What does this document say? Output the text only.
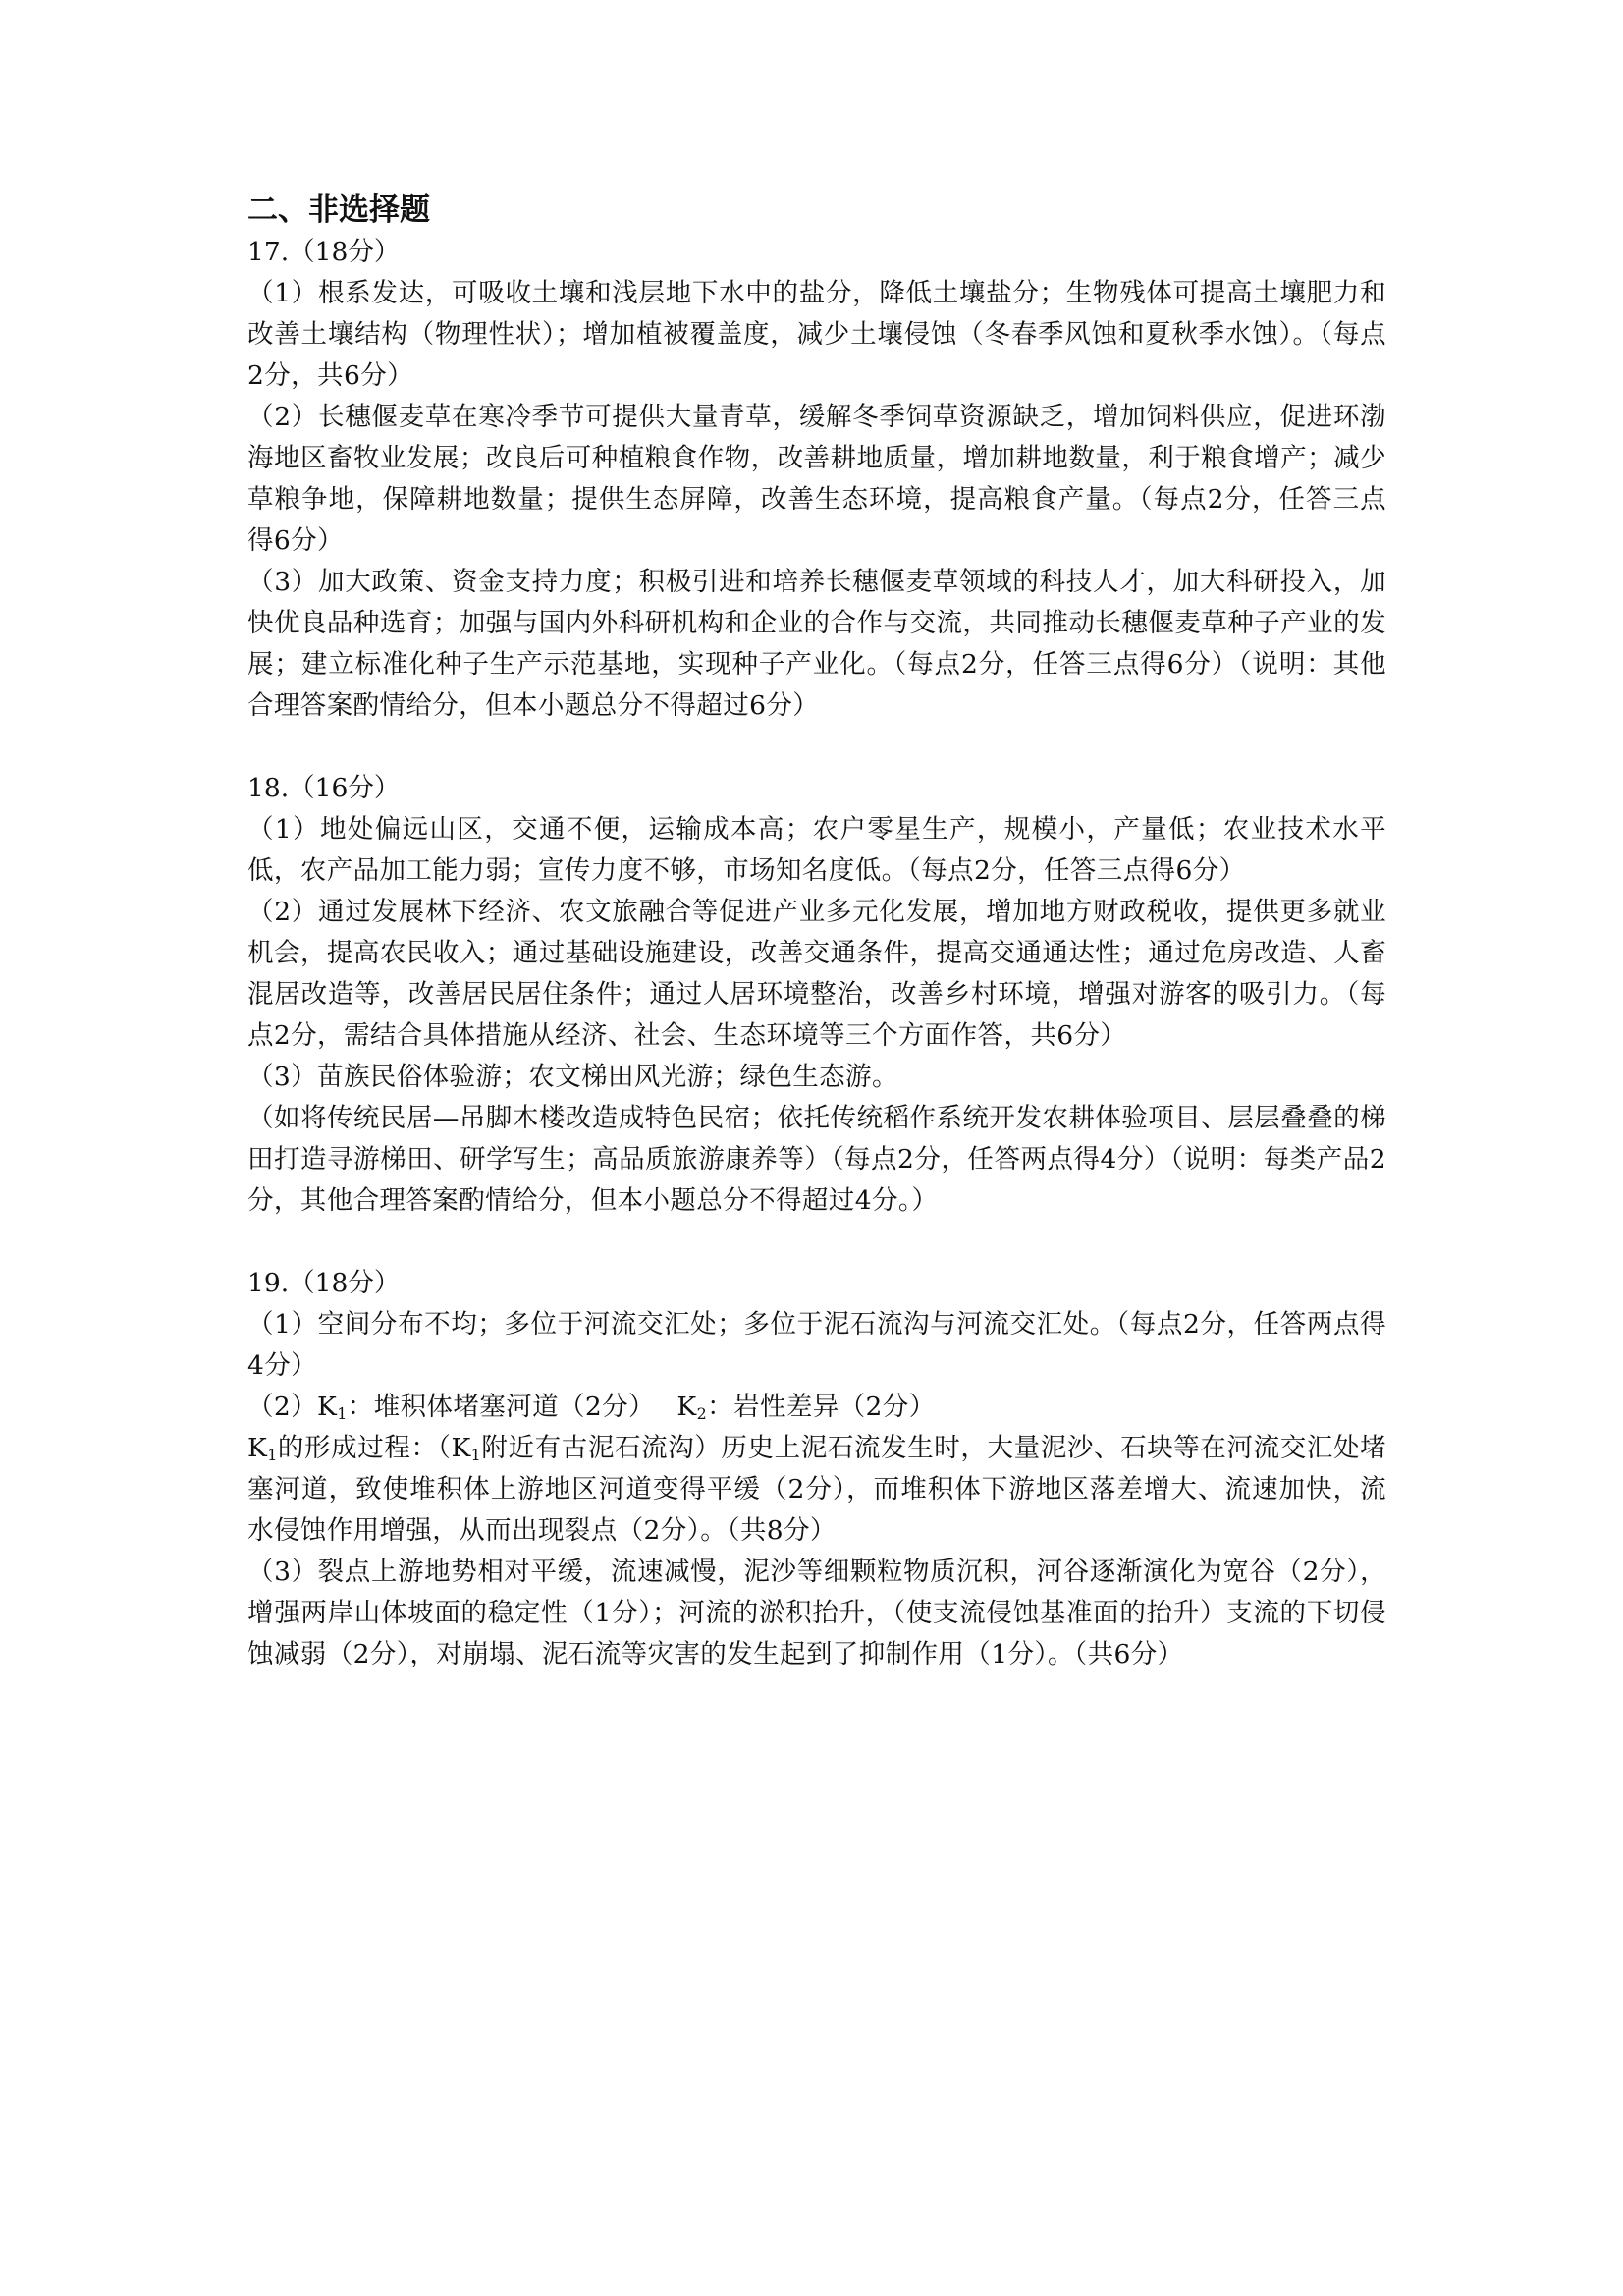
二、非选择题

17.（18分）

（1）根系发达，可吸收土壤和浅层地下水中的盐分，降低土壤盐分；生物残体可提高土壤肥力和改善土壤结构（物理性状）；增加植被覆盖度，减少土壤侵蚀（冬春季风蚀和夏秋季水蚀）。（每点2分，共6分）

（2）长穗偃麦草在寒冷季节可提供大量青草，缓解冬季饲草资源缺乏，增加饲料供应，促进环渤海地区畜牧业发展；改良后可种植粮食作物，改善耕地质量，增加耕地数量，利于粮食增产；减少草粮争地，保障耕地数量；提供生态屏障，改善生态环境，提高粮食产量。（每点2分，任答三点得6分）

（3）加大政策、资金支持力度；积极引进和培养长穗偃麦草领域的科技人才，加大科研投入，加快优良品种选育；加强与国内外科研机构和企业的合作与交流，共同推动长穗偃麦草种子产业的发展；建立标准化种子生产示范基地，实现种子产业化。（每点2分，任答三点得6分）（说明：其他合理答案酌情给分，但本小题总分不得超过6分）

18.（16分）

（1）地处偏远山区，交通不便，运输成本高；农户零星生产，规模小，产量低；农业技术水平低，农产品加工能力弱；宣传力度不够，市场知名度低。（每点2分，任答三点得6分）

（2）通过发展林下经济、农文旅融合等促进产业多元化发展，增加地方财政税收，提供更多就业机会，提高农民收入；通过基础设施建设，改善交通条件，提高交通通达性；通过危房改造、人畜混居改造等，改善居民居住条件；通过人居环境整治，改善乡村环境，增强对游客的吸引力。（每点2分，需结合具体措施从经济、社会、生态环境等三个方面作答，共6分）

（3）苗族民俗体验游；农文梯田风光游；绿色生态游。

（如将传统民居—吊脚木楼改造成特色民宿；依托传统稻作系统开发农耕体验项目、层层叠叠的梯田打造寻游梯田、研学写生；高品质旅游康养等）（每点2分，任答两点得4分）（说明：每类产品2分，其他合理答案酌情给分，但本小题总分不得超过4分。）

19.（18分）

（1）空间分布不均；多位于河流交汇处；多位于泥石流沟与河流交汇处。（每点2分，任答两点得4分）

$(2)K_1$：堆积体堵塞河道（2分）　 $K_2$：岩性差异（2分）

$K_1$的形成过程：（$K_1$附近有古泥石流沟）历史上泥石流发生时，大量泥沙、石块等在河流交汇处堵塞河道，致使堆积体上游地区河道变得平缓（2分），而堆积体下游地区落差增大、流速加快，流水侵蚀作用增强，从而出现裂点（2分）。（共8分）

（3）裂点上游地势相对平缓，流速减慢，泥沙等细颗粒物质沉积，河谷逐渐演化为宽谷（2分），增强两岸山体坡面的稳定性（1分）；河流的淤积抬升，（使支流侵蚀基准面的抬升）支流的下切侵蚀减弱（2分），对崩塌、泥石流等灾害的发生起到了抑制作用（1分）。（共6分）
